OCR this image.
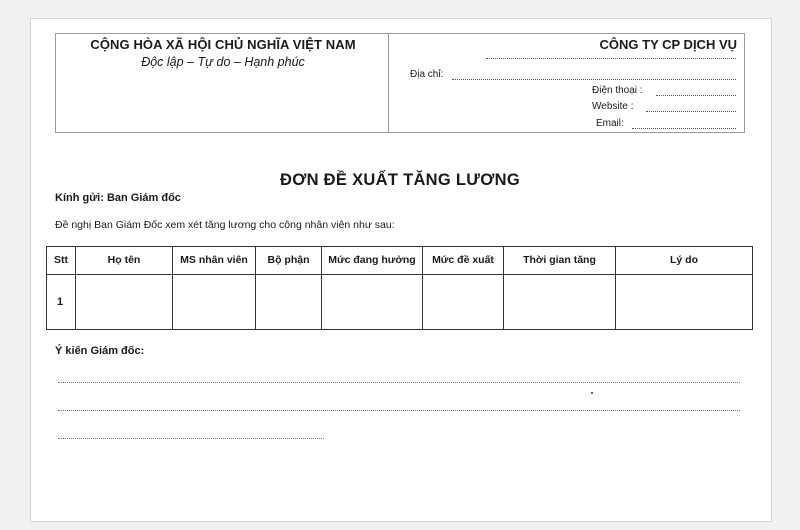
CỘNG HÒA XÃ HỘI CHỦ NGHĨA VIỆT NAM
Độc lập – Tự do – Hạnh phúc
CÔNG TY CP DỊCH VỤ
Địa chỉ:
Điện thoại :
Website :
Email:
ĐƠN ĐỀ XUẤT TĂNG LƯƠNG
Kính gửi: Ban Giám đốc
Đề nghị Ban Giám Đốc xem xét tăng lương cho công nhân viên như sau:
Stt	Họ tên	MS nhân viên	Bộ phận	Mức đang hưởng	Mức đề xuất	Thời gian tăng	Lý do
1							
Ý kiến Giám đốc:
